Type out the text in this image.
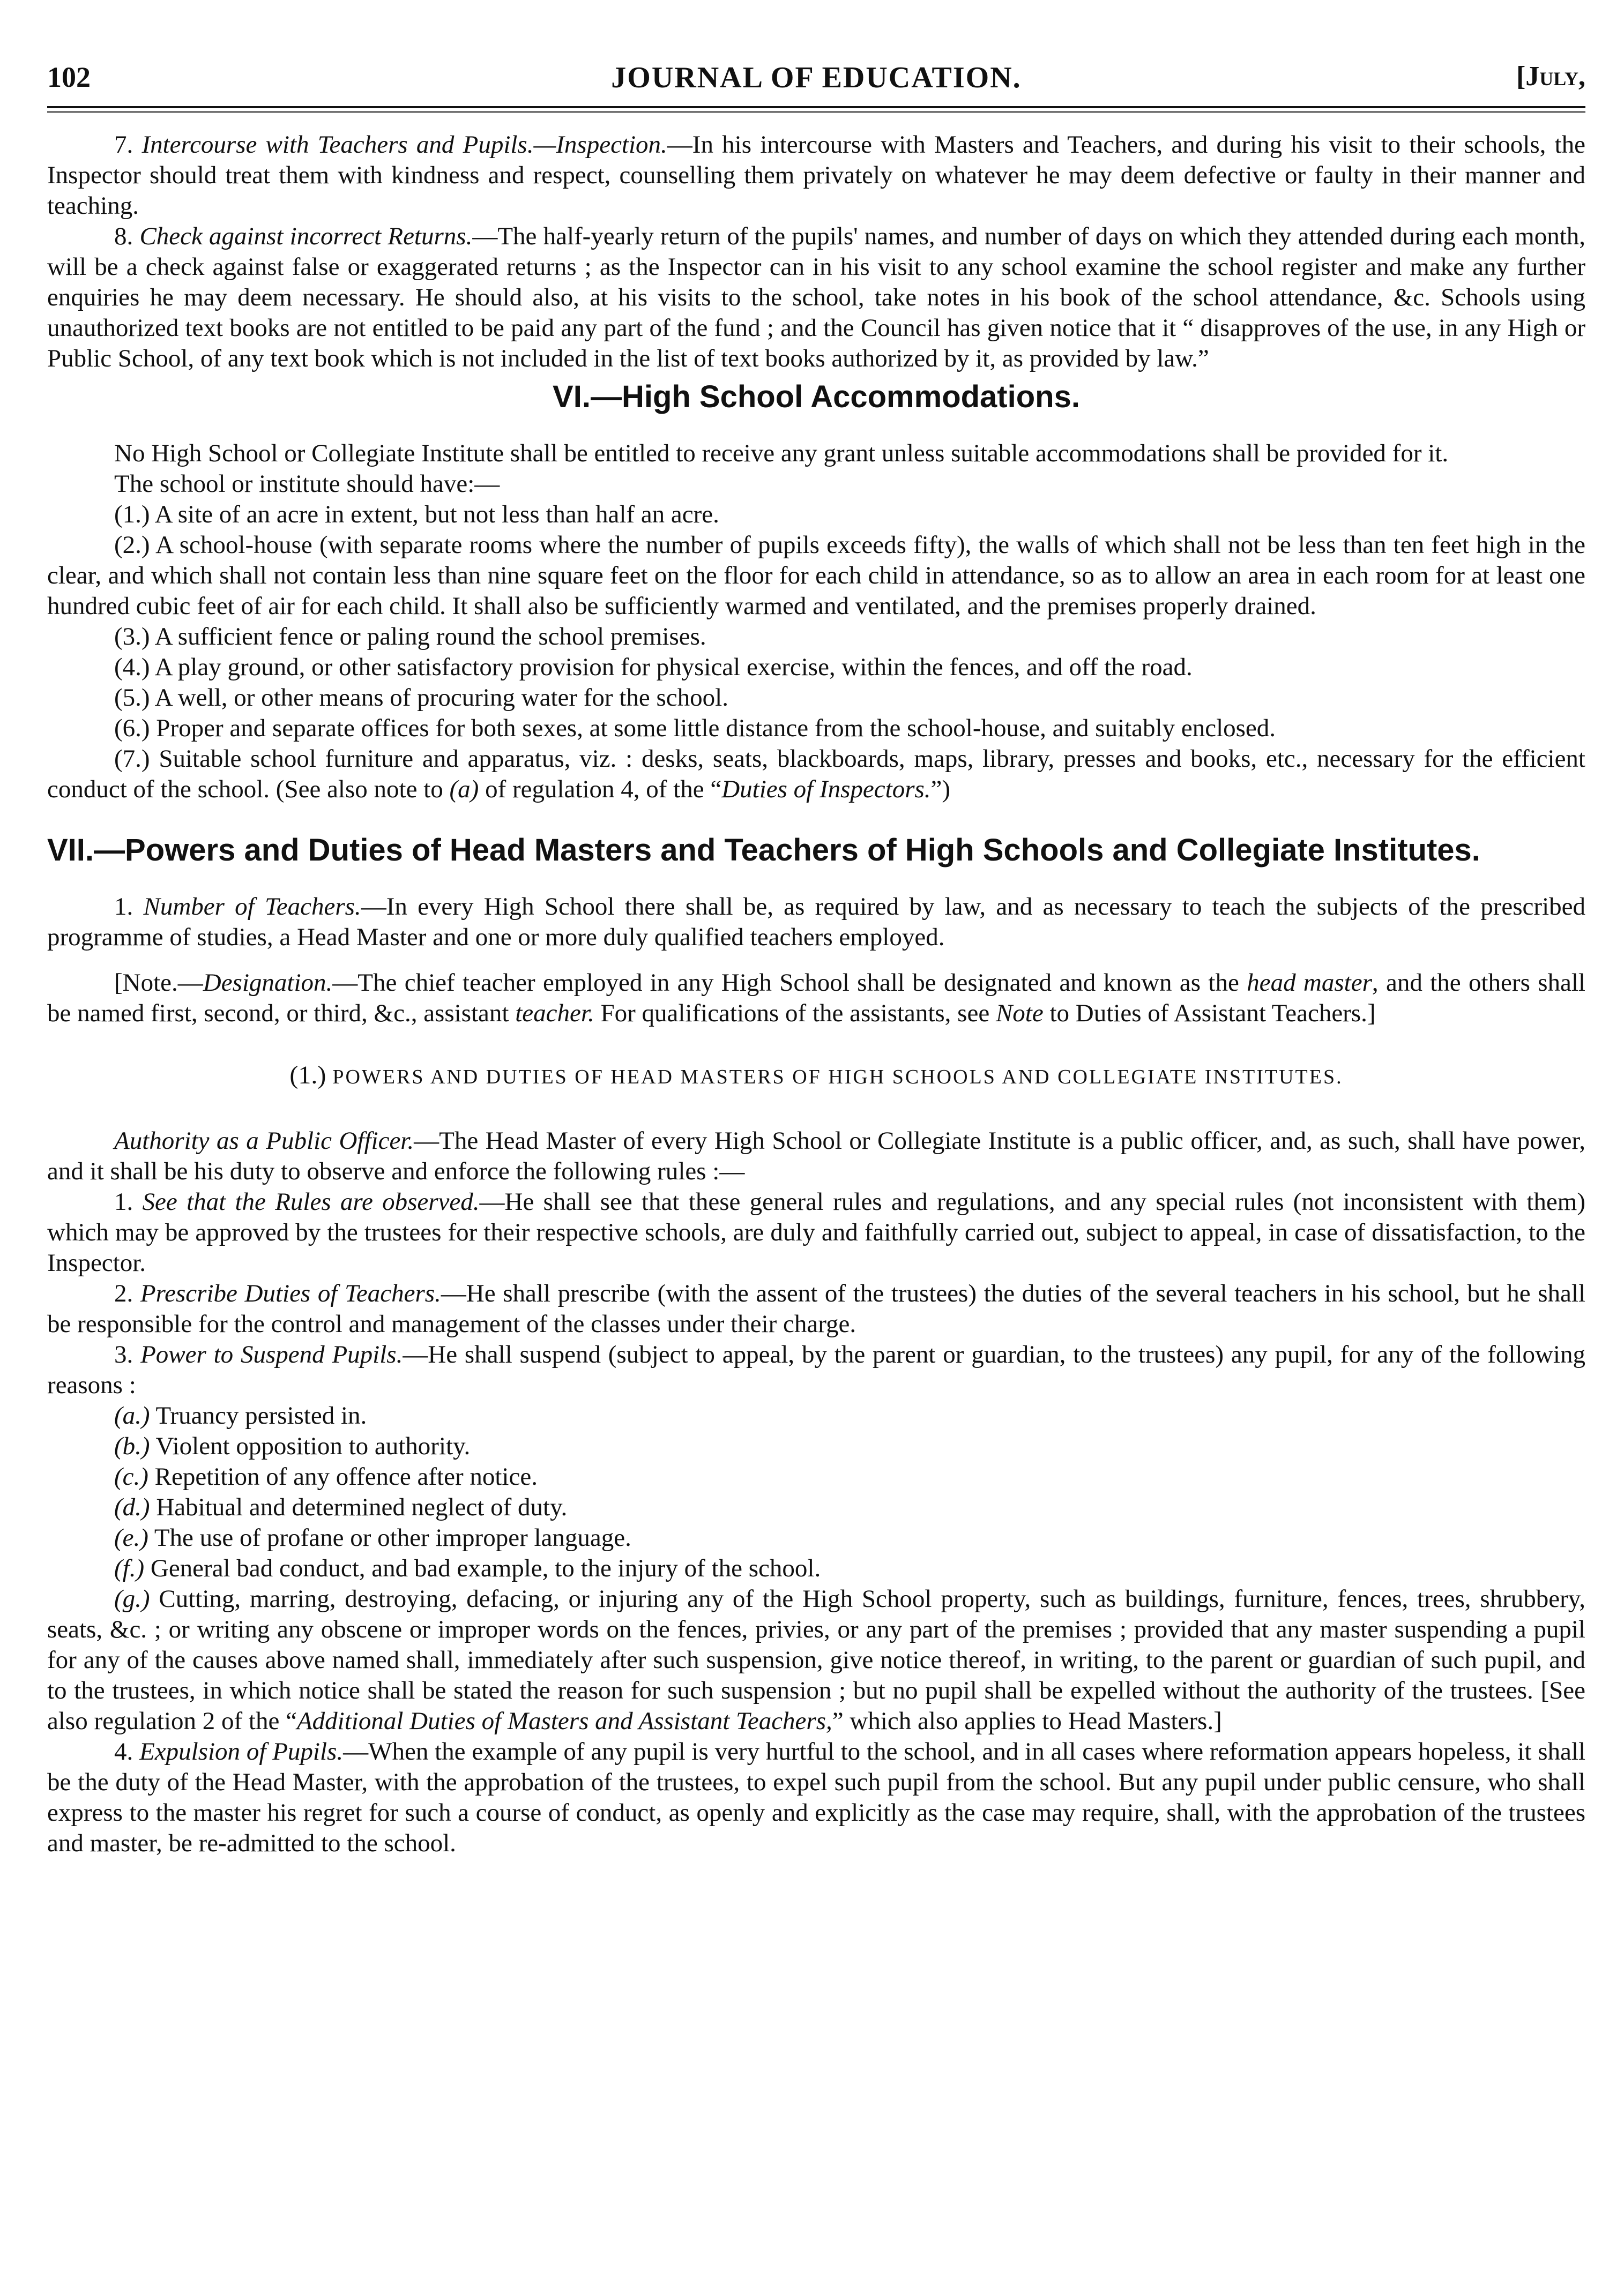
102	JOURNAL OF EDUCATION.	[July,

7. Intercourse with Teachers and Pupils.—Inspection.—In his intercourse with Masters and Teachers, and during his visit to their schools, the Inspector should treat them with kindness and respect, counselling them privately on whatever he may deem defective or faulty in their manner and teaching.

8. Check against incorrect Returns.—The half-yearly return of the pupils' names, and number of days on which they attended during each month, will be a check against false or exaggerated returns ; as the Inspector can in his visit to any school examine the school register and make any further enquiries he may deem necessary. He should also, at his visits to the school, take notes in his book of the school attendance, &c. Schools using unauthorized text books are not entitled to be paid any part of the fund ; and the Council has given notice that it “ disapproves of the use, in any High or Public School, of any text book which is not included in the list of text books authorized by it, as provided by law.”

VI.—High School Accommodations.

No High School or Collegiate Institute shall be entitled to receive any grant unless suitable accommodations shall be provided for it.

The school or institute should have:—

(1.) A site of an acre in extent, but not less than half an acre.

(2.) A school-house (with separate rooms where the number of pupils exceeds fifty), the walls of which shall not be less than ten feet high in the clear, and which shall not contain less than nine square feet on the floor for each child in attendance, so as to allow an area in each room for at least one hundred cubic feet of air for each child. It shall also be sufficiently warmed and ventilated, and the premises properly drained.

(3.) A sufficient fence or paling round the school premises.

(4.) A play ground, or other satisfactory provision for physical exercise, within the fences, and off the road.

(5.) A well, or other means of procuring water for the school.

(6.) Proper and separate offices for both sexes, at some little distance from the school-house, and suitably enclosed.

(7.) Suitable school furniture and apparatus, viz. : desks, seats, blackboards, maps, library, presses and books, etc., necessary for the efficient conduct of the school. (See also note to (a) of regulation 4, of the “Duties of Inspectors.”)

VII.—Powers and Duties of Head Masters and Teachers of High Schools and Collegiate Institutes.

1. Number of Teachers.—In every High School there shall be, as required by law, and as necessary to teach the subjects of the prescribed programme of studies, a Head Master and one or more duly qualified teachers employed.

[Note.—Designation.—The chief teacher employed in any High School shall be designated and known as the head master, and the others shall be named first, second, or third, &c., assistant teacher. For qualifications of the assistants, see Note to Duties of Assistant Teachers.]

(1.) POWERS AND DUTIES OF HEAD MASTERS OF HIGH SCHOOLS AND COLLEGIATE INSTITUTES.

Authority as a Public Officer.—The Head Master of every High School or Collegiate Institute is a public officer, and, as such, shall have power, and it shall be his duty to observe and enforce the following rules :—

1. See that the Rules are observed.—He shall see that these general rules and regulations, and any special rules (not inconsistent with them) which may be approved by the trustees for their respective schools, are duly and faithfully carried out, subject to appeal, in case of dissatisfaction, to the Inspector.

2. Prescribe Duties of Teachers.—He shall prescribe (with the assent of the trustees) the duties of the several teachers in his school, but he shall be responsible for the control and management of the classes under their charge.

3. Power to Suspend Pupils.—He shall suspend (subject to appeal, by the parent or guardian, to the trustees) any pupil, for any of the following reasons :

(a.) Truancy persisted in.

(b.) Violent opposition to authority.

(c.) Repetition of any offence after notice.

(d.) Habitual and determined neglect of duty.

(e.) The use of profane or other improper language.

(f.) General bad conduct, and bad example, to the injury of the school.

(g.) Cutting, marring, destroying, defacing, or injuring any of the High School property, such as buildings, furniture, fences, trees, shrubbery, seats, &c. ; or writing any obscene or improper words on the fences, privies, or any part of the premises ; provided that any master suspending a pupil for any of the causes above named shall, immediately after such suspension, give notice thereof, in writing, to the parent or guardian of such pupil, and to the trustees, in which notice shall be stated the reason for such suspension ; but no pupil shall be expelled without the authority of the trustees. [See also regulation 2 of the “Additional Duties of Masters and Assistant Teachers,” which also applies to Head Masters.]

4. Expulsion of Pupils.—When the example of any pupil is very hurtful to the school, and in all cases where reformation appears hopeless, it shall be the duty of the Head Master, with the approbation of the trustees, to expel such pupil from the school. But any pupil under public censure, who shall express to the master his regret for such a course of conduct, as openly and explicitly as the case may require, shall, with the approbation of the trustees and master, be re-admitted to the school.
